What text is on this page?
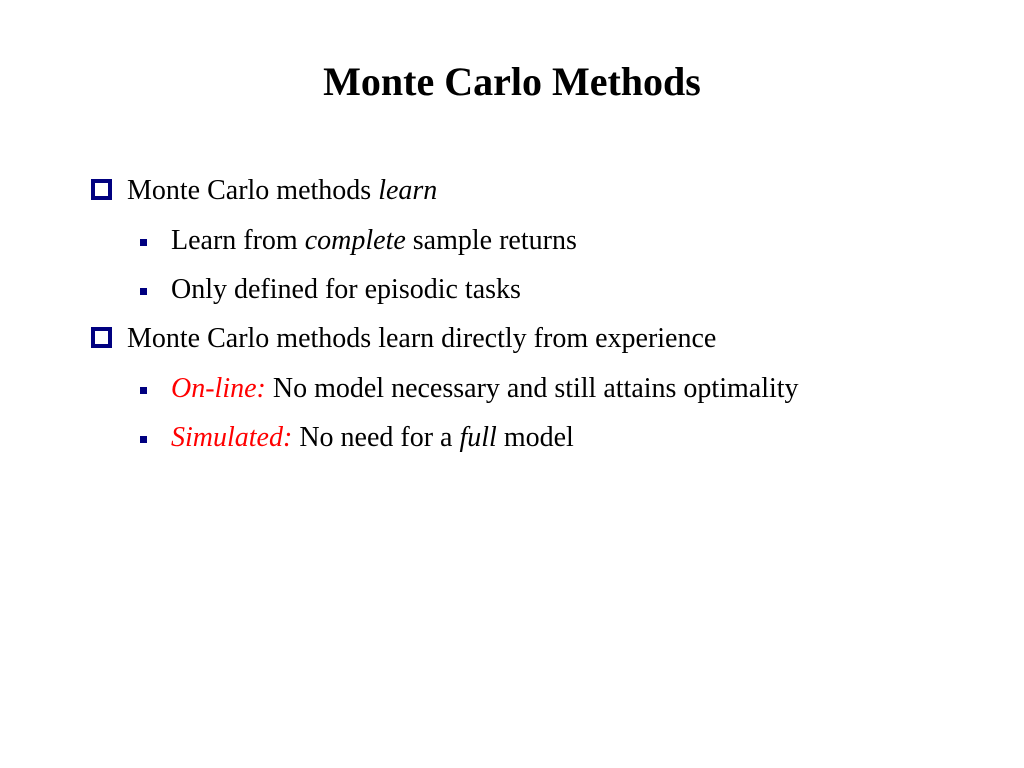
Monte Carlo Methods
Monte Carlo methods learn
Learn from complete sample returns
Only defined for episodic tasks
Monte Carlo methods learn directly from experience
On-line: No model necessary and still attains optimality
Simulated: No need for a full model
